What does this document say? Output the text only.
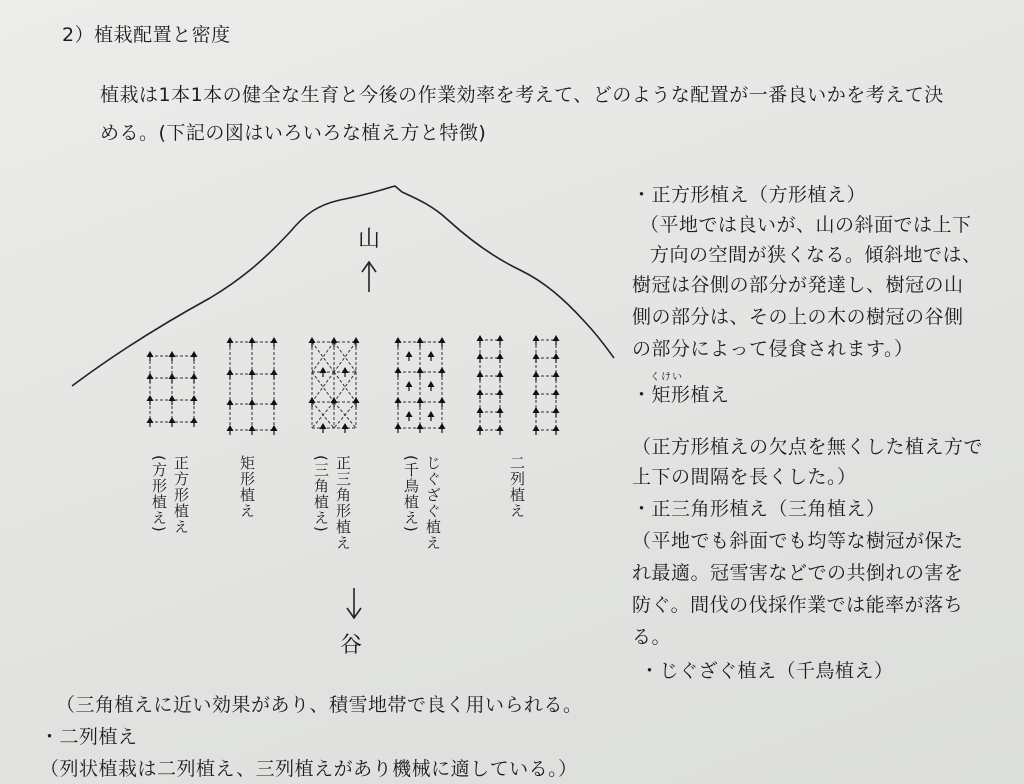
2）植栽配置と密度
植栽は1本1本の健全な生育と今後の作業効率を考えて、どのような配置が一番良いかを考えて決
める。(下記の図はいろいろな植え方と特徴)
山
谷
正方形植え
(方形植え)	矩形植え	正三角形植え
(三角植え)	じぐざぐ植え
(千鳥植え)	二列植え
・正方形植え（方形植え）
（平地では良いが、山の斜面では上下
方向の空間が狭くなる。傾斜地では、
樹冠は谷側の部分が発達し、樹冠の山
側の部分は、その上の木の樹冠の谷側
の部分によって侵食されます。）
くけい
・矩形植え
（正方形植えの欠点を無くした植え方で
上下の間隔を長くした。）
・正三角形植え（三角植え）
（平地でも斜面でも均等な樹冠が保た
れ最適。冠雪害などでの共倒れの害を
防ぐ。間伐の伐採作業では能率が落ち
る。
・じぐざぐ植え（千鳥植え）
（三角植えに近い効果があり、積雪地帯で良く用いられる。
・二列植え
（列状植栽は二列植え、三列植えがあり機械に適している。）
